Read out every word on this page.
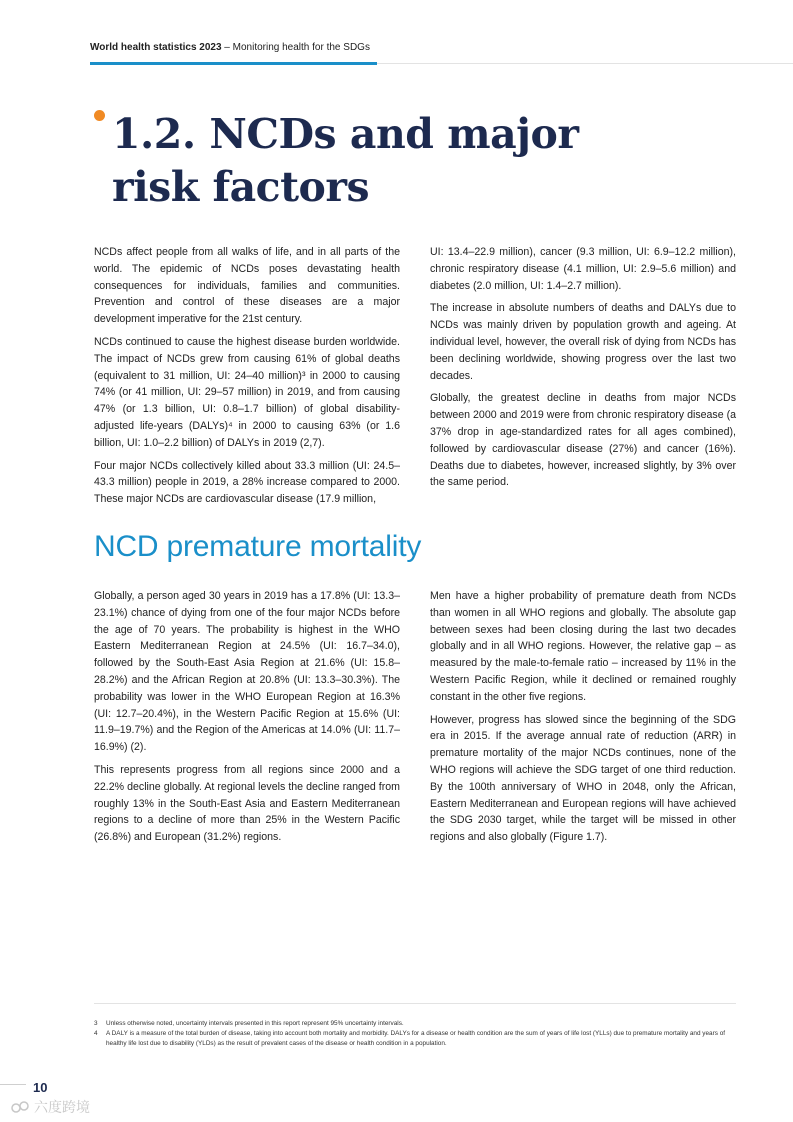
World health statistics 2023 – Monitoring health for the SDGs
1.2. NCDs and major
risk factors

NCDs affect people from all walks of life, and in all parts of the world. The epidemic of NCDs poses devastating health consequences for individuals, families and communities. Prevention and control of these diseases are a major development imperative for the 21st century.

NCDs continued to cause the highest disease burden worldwide. The impact of NCDs grew from causing 61% of global deaths (equivalent to 31 million, UI: 24–40 million)³ in 2000 to causing 74% (or 41 million, UI: 29–57 million) in 2019, and from causing 47% (or 1.3 billion, UI: 0.8–1.7 billion) of global disability-adjusted life-years (DALYs)⁴ in 2000 to causing 63% (or 1.6 billion, UI: 1.0–2.2 billion) of DALYs in 2019 (2,7).

Four major NCDs collectively killed about 33.3 million (UI: 24.5–43.3 million) people in 2019, a 28% increase compared to 2000. These major NCDs are cardiovascular disease (17.9 million,

UI: 13.4–22.9 million), cancer (9.3 million, UI: 6.9–12.2 million), chronic respiratory disease (4.1 million, UI: 2.9–5.6 million) and diabetes (2.0 million, UI: 1.4–2.7 million).

The increase in absolute numbers of deaths and DALYs due to NCDs was mainly driven by population growth and ageing. At individual level, however, the overall risk of dying from NCDs has been declining worldwide, showing progress over the last two decades.

Globally, the greatest decline in deaths from major NCDs between 2000 and 2019 were from chronic respiratory disease (a 37% drop in age-standardized rates for all ages combined), followed by cardiovascular disease (27%) and cancer (16%). Deaths due to diabetes, however, increased slightly, by 3% over the same period.

NCD premature mortality

Globally, a person aged 30 years in 2019 has a 17.8% (UI: 13.3–23.1%) chance of dying from one of the four major NCDs before the age of 70 years. The probability is highest in the WHO Eastern Mediterranean Region at 24.5% (UI: 16.7–34.0), followed by the South-East Asia Region at 21.6% (UI: 15.8–28.2%) and the African Region at 20.8% (UI: 13.3–30.3%). The probability was lower in the WHO European Region at 16.3% (UI: 12.7–20.4%), in the Western Pacific Region at 15.6% (UI: 11.9–19.7%) and the Region of the Americas at 14.0% (UI: 11.7–16.9%) (2).

This represents progress from all regions since 2000 and a 22.2% decline globally. At regional levels the decline ranged from roughly 13% in the South-East Asia and Eastern Mediterranean regions to a decline of more than 25% in the Western Pacific (26.8%) and European (31.2%) regions.

Men have a higher probability of premature death from NCDs than women in all WHO regions and globally. The absolute gap between sexes had been closing during the last two decades globally and in all WHO regions. However, the relative gap – as measured by the male-to-female ratio – increased by 11% in the Western Pacific Region, while it declined or remained roughly constant in the other five regions.

However, progress has slowed since the beginning of the SDG era in 2015. If the average annual rate of reduction (ARR) in premature mortality of the major NCDs continues, none of the WHO regions will achieve the SDG target of one third reduction. By the 100th anniversary of WHO in 2048, only the African, Eastern Mediterranean and European regions will have achieved the SDG 2030 target, while the target will be missed in other regions and also globally (Figure 1.7).

3	Unless otherwise noted, uncertainty intervals presented in this report represent 95% uncertainty intervals.
4	A DALY is a measure of the total burden of disease, taking into account both mortality and morbidity. DALYs for a disease or health condition are the sum of years of life lost (YLLs) due to premature mortality and years of healthy life lost due to disability (YLDs) as the result of prevalent cases of the disease or health condition in a population.
10
六度跨境
